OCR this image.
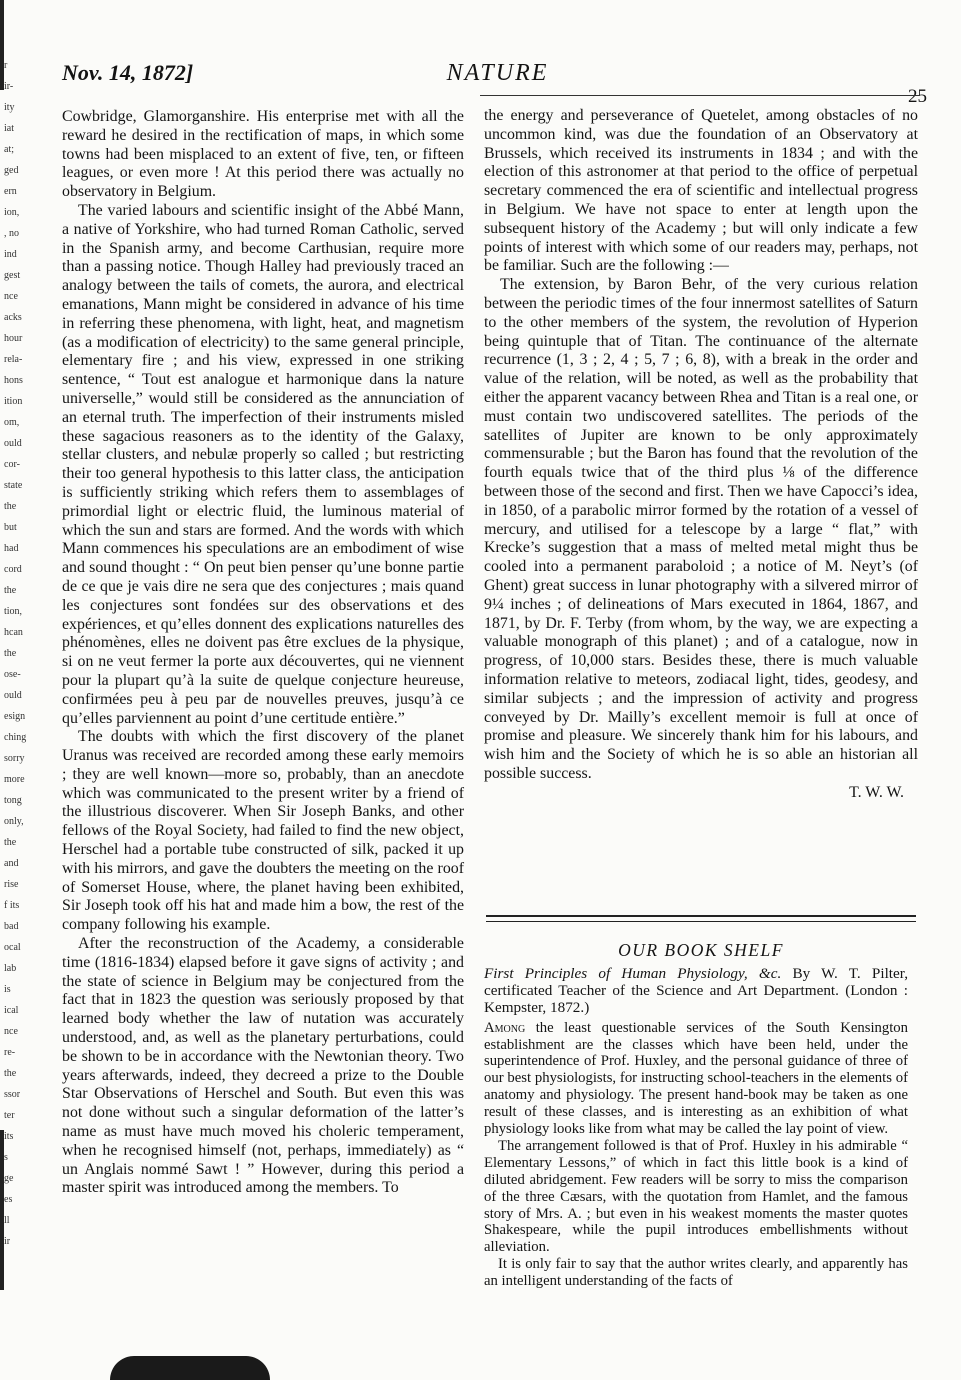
r
ir-
ity
iat
at;
ged
ern
ion,
, no
ind
gest
nce
acks
hour
rela-
hons
ition
om,
ould
cor-
state
the
but
had
cord
the
tion,
hcan
the
ose-
ould
esign
ching
sorry
more
tong
only,
the
and
rise
f its
bad
ocal
lab
is
ical
nce
re-
the
ssor
ter
its
s
ge
es
ll
ir
Nov. 14, 1872]	NATURE
25

Cowbridge, Glamorganshire. His enterprise met with all the reward he desired in the rectification of maps, in which some towns had been misplaced to an extent of five, ten, or fifteen leagues, or even more ! At this period there was actually no observatory in Belgium.

The varied labours and scientific insight of the Abbé Mann, a native of Yorkshire, who had turned Roman Catholic, served in the Spanish army, and become Carthusian, require more than a passing notice. Though Halley had previously traced an analogy between the tails of comets, the aurora, and electrical emanations, Mann might be considered in advance of his time in referring these phenomena, with light, heat, and magnetism (as a modification of electricity) to the same general principle, elementary fire ; and his view, expressed in one striking sentence, “ Tout est analogue et harmonique dans la nature universelle,” would still be considered as the annunciation of an eternal truth. The imperfection of their instruments misled these sagacious reasoners as to the identity of the Galaxy, stellar clusters, and nebulæ properly so called ; but restricting their too general hypothesis to this latter class, the anticipation is sufficiently striking which refers them to assemblages of primordial light or electric fluid, the luminous material of which the sun and stars are formed. And the words with which Mann commences his speculations are an embodiment of wise and sound thought : “ On peut bien penser qu’une bonne partie de ce que je vais dire ne sera que des conjectures ; mais quand les conjectures sont fondées sur des observations et des expériences, et qu’elles donnent des explications naturelles des phénomènes, elles ne doivent pas être exclues de la physique, si on ne veut fermer la porte aux découvertes, qui ne viennent pour la plupart qu’à la suite de quelque conjecture heureuse, confirmées peu à peu par de nouvelles preuves, jusqu’à ce qu’elles parviennent au point d’une certitude entière.”

The doubts with which the first discovery of the planet Uranus was received are recorded among these early memoirs ; they are well known—more so, probably, than an anecdote which was communicated to the present writer by a friend of the illustrious discoverer. When Sir Joseph Banks, and other fellows of the Royal Society, had failed to find the new object, Herschel had a portable tube constructed of silk, packed it up with his mirrors, and gave the doubters the meeting on the roof of Somerset House, where, the planet having been exhibited, Sir Joseph took off his hat and made him a bow, the rest of the company following his example.

After the reconstruction of the Academy, a considerable time (1816-1834) elapsed before it gave signs of activity ; and the state of science in Belgium may be conjectured from the fact that in 1823 the question was seriously proposed by that learned body whether the law of nutation was accurately understood, and, as well as the planetary perturbations, could be shown to be in accordance with the Newtonian theory. Two years afterwards, indeed, they decreed a prize to the Double Star Observations of Herschel and South. But even this was not done without such a singular deformation of the latter’s name as must have much moved his choleric temperament, when he recognised himself (not, perhaps, immediately) as “ un Anglais nommé Sawt ! ” However, during this period a master spirit was introduced among the members. To

the energy and perseverance of Quetelet, among obstacles of no uncommon kind, was due the foundation of an Observatory at Brussels, which received its instruments in 1834 ; and with the election of this astronomer at that period to the office of perpetual secretary commenced the era of scientific and intellectual progress in Belgium. We have not space to enter at length upon the subsequent history of the Academy ; but will only indicate a few points of interest with which some of our readers may, perhaps, not be familiar. Such are the following :—

The extension, by Baron Behr, of the very curious relation between the periodic times of the four innermost satellites of Saturn to the other members of the system, the revolution of Hyperion being quintuple that of Titan. The continuance of the alternate recurrence (1, 3 ; 2, 4 ; 5, 7 ; 6, 8), with a break in the order and value of the relation, will be noted, as well as the probability that either the apparent vacancy between Rhea and Titan is a real one, or must contain two undiscovered satellites. The periods of the satellites of Jupiter are known to be only approximately commensurable ; but the Baron has found that the revolution of the fourth equals twice that of the third plus ⅛ of the difference between those of the second and first. Then we have Capocci’s idea, in 1850, of a parabolic mirror formed by the rotation of a vessel of mercury, and utilised for a telescope by a large “ flat,” with Krecke’s suggestion that a mass of melted metal might thus be cooled into a permanent paraboloid ; a notice of M. Neyt’s (of Ghent) great success in lunar photography with a silvered mirror of 9¼ inches ; of delineations of Mars executed in 1864, 1867, and 1871, by Dr. F. Terby (from whom, by the way, we are expecting a valuable monograph of this planet) ; and of a catalogue, now in progress, of 10,000 stars. Besides these, there is much valuable information relative to meteors, zodiacal light, tides, geodesy, and similar subjects ; and the impression of activity and progress conveyed by Dr. Mailly’s excellent memoir is full at once of promise and pleasure. We sincerely thank him for his labours, and wish him and the Society of which he is so able an historian all possible success.

T. W. W.
OUR BOOK SHELF

First Principles of Human Physiology, &c. By W. T. Pilter, certificated Teacher of the Science and Art Department. (London : Kempster, 1872.)

Among the least questionable services of the South Kensington establishment are the classes which have been held, under the superintendence of Prof. Huxley, and the personal guidance of three of our best physiologists, for instructing school-teachers in the elements of anatomy and physiology. The present hand-book may be taken as one result of these classes, and is interesting as an exhibition of what physiology looks like from what may be called the lay point of view.

The arrangement followed is that of Prof. Huxley in his admirable “ Elementary Lessons,” of which in fact this little book is a kind of diluted abridgement. Few readers will be sorry to miss the comparison of the three Cæsars, with the quotation from Hamlet, and the famous story of Mrs. A. ; but even in his weakest moments the master quotes Shakespeare, while the pupil introduces embellishments without alleviation.

It is only fair to say that the author writes clearly, and apparently has an intelligent understanding of the facts of
